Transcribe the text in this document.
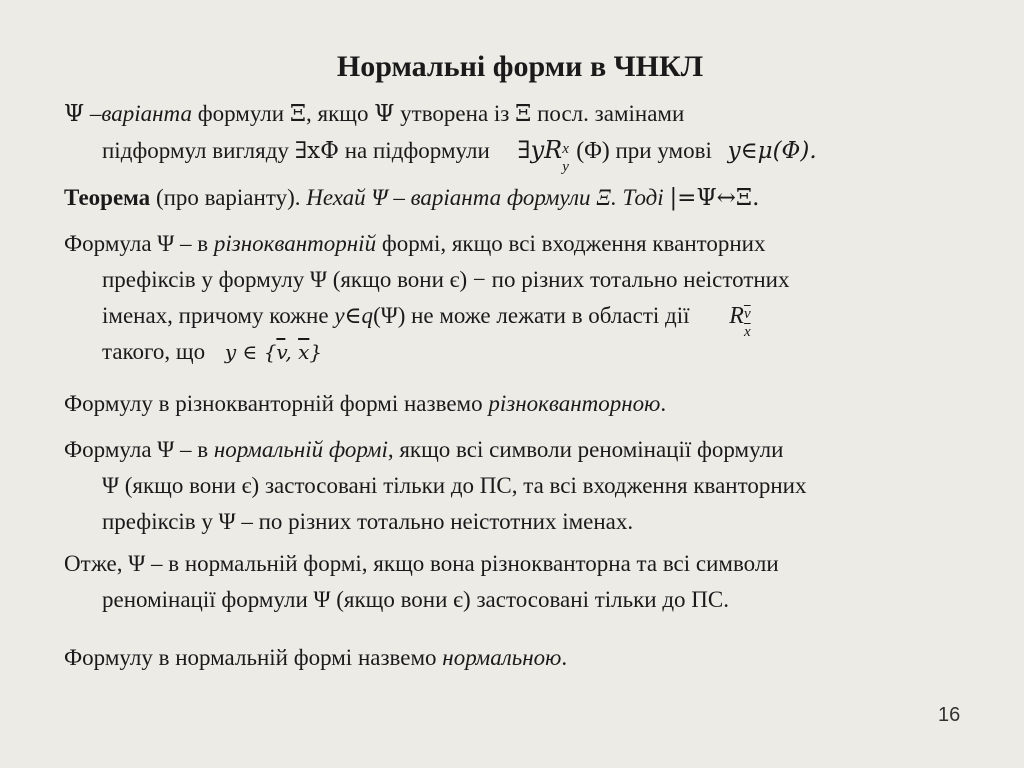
Нормальні форми в ЧНКЛ
Ψ –варіанта формули Ξ, якщо Ψ утворена із Ξ посл. замінами
підформул вигляду ∃xΦ на підформули ∃yR x
y
(Φ) при умові y∈μ(Φ).
Теорема (про варіанту). Нехай Ψ – варіанта формули Ξ. Тоді |=Ψ↔Ξ.
Формула Ψ – в різнокванторній формі, якщо всі входження кванторних
префіксів у формулу Ψ (якщо вони є) − по різних тотально неістотних
іменах, причому кожне y∈q(Ψ) не може лежати в області дії R $\overline{v}$
$\overline{x}$
такого, що y ∈ {$\overline{v}$, $\overline{x}$}
Формулу в різнокванторній формі назвемо різнокванторною.
Формула Ψ – в нормальній формі, якщо всі символи реномінації формули
Ψ (якщо вони є) застосовані тільки до ПС, та всі входження кванторних
префіксів у Ψ – по різних тотально неістотних іменах.
Отже, Ψ – в нормальній формі, якщо вона різнокванторна та всі символи
реномінації формули Ψ (якщо вони є) застосовані тільки до ПС.
Формулу в нормальній формі назвемо нормальною.
16
